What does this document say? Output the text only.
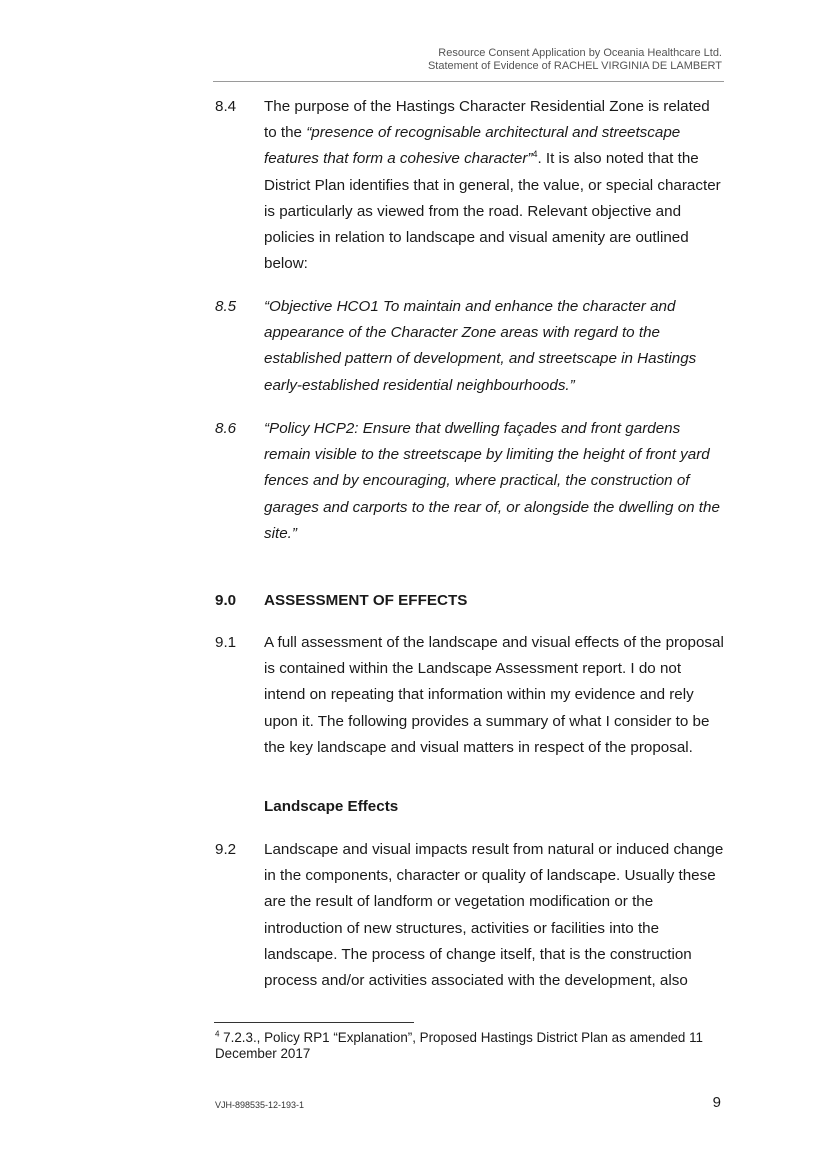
Resource Consent Application by Oceania Healthcare Ltd.
Statement of Evidence of RACHEL VIRGINIA DE LAMBERT
8.4 The purpose of the Hastings Character Residential Zone is related to the “presence of recognisable architectural and streetscape features that form a cohesive character”$^4$. It is also noted that the District Plan identifies that in general, the value, or special character is particularly as viewed from the road. Relevant objective and policies in relation to landscape and visual amenity are outlined below:
8.5 “Objective HCO1 To maintain and enhance the character and appearance of the Character Zone areas with regard to the established pattern of development, and streetscape in Hastings early-established residential neighbourhoods.”
8.6 “Policy HCP2: Ensure that dwelling façades and front gardens remain visible to the streetscape by limiting the height of front yard fences and by encouraging, where practical, the construction of garages and carports to the rear of, or alongside the dwelling on the site.”
9.0 ASSESSMENT OF EFFECTS
9.1 A full assessment of the landscape and visual effects of the proposal is contained within the Landscape Assessment report. I do not intend on repeating that information within my evidence and rely upon it. The following provides a summary of what I consider to be the key landscape and visual matters in respect of the proposal.
Landscape Effects
9.2 Landscape and visual impacts result from natural or induced change in the components, character or quality of landscape. Usually these are the result of landform or vegetation modification or the introduction of new structures, activities or facilities into the landscape. The process of change itself, that is the construction process and/or activities associated with the development, also
$^4$ 7.2.3., Policy RP1 “Explanation”, Proposed Hastings District Plan as amended 11 December 2017
VJH-898535-12-193-1	9
